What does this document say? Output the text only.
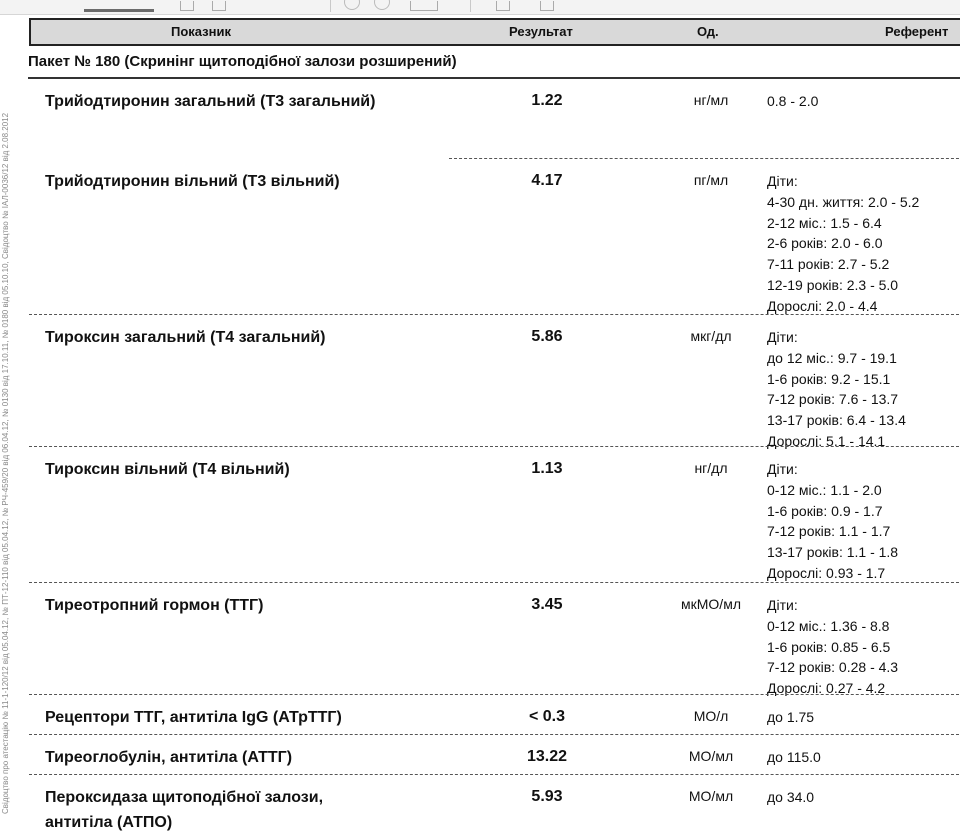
Свідоцтво про атестацію № 11-1-120/12 від 05.04.12, № ПТ-12-110 від 05.04.12, № РЧ-459/20 від 06.04.12, № 0130 від 17.10.11, № 0180 від 05.10.10, Свідоцтво № ІАЛ-0036/12 від 2.08.2012
Показник	Результат	Од.	Референт
Пакет № 180 (Скринінг щитоподібної залози розширений)
Трийодтиронин загальний (Т3 загальний)	1.22	нг/мл	0.8 - 2.0
Трийодтиронин вільний (Т3 вільний)	4.17	пг/мл	Діти:
4-30 дн. життя: 2.0 - 5.2
2-12 міс.: 1.5 - 6.4
2-6 років: 2.0 - 6.0
7-11 років: 2.7 - 5.2
12-19 років: 2.3 - 5.0
Дорослі: 2.0 - 4.4
Тироксин загальний (Т4 загальний)	5.86	мкг/дл	Діти:
до 12 міс.: 9.7 - 19.1
1-6 років: 9.2 - 15.1
7-12 років: 7.6 - 13.7
13-17 років: 6.4 - 13.4
Дорослі: 5.1 - 14.1
Тироксин вільний (Т4 вільний)	1.13	нг/дл	Діти:
0-12 міс.: 1.1 - 2.0
1-6 років: 0.9 - 1.7
7-12 років: 1.1 - 1.7
13-17 років: 1.1 - 1.8
Дорослі: 0.93 - 1.7
Тиреотропний гормон (ТТГ)	3.45	мкМО/мл	Діти:
0-12 міс.: 1.36 - 8.8
1-6 років: 0.85 - 6.5
7-12 років: 0.28 - 4.3
Дорослі: 0.27 - 4.2
Рецептори ТТГ, антитіла IgG (АТрТТГ)	< 0.3	МО/л	до 1.75
Тиреоглобулін, антитіла (АТТГ)	13.22	МО/мл	до 115.0
Пероксидаза щитоподібної залози, антитіла (АТПО)
5.93	МО/мл	до 34.0
